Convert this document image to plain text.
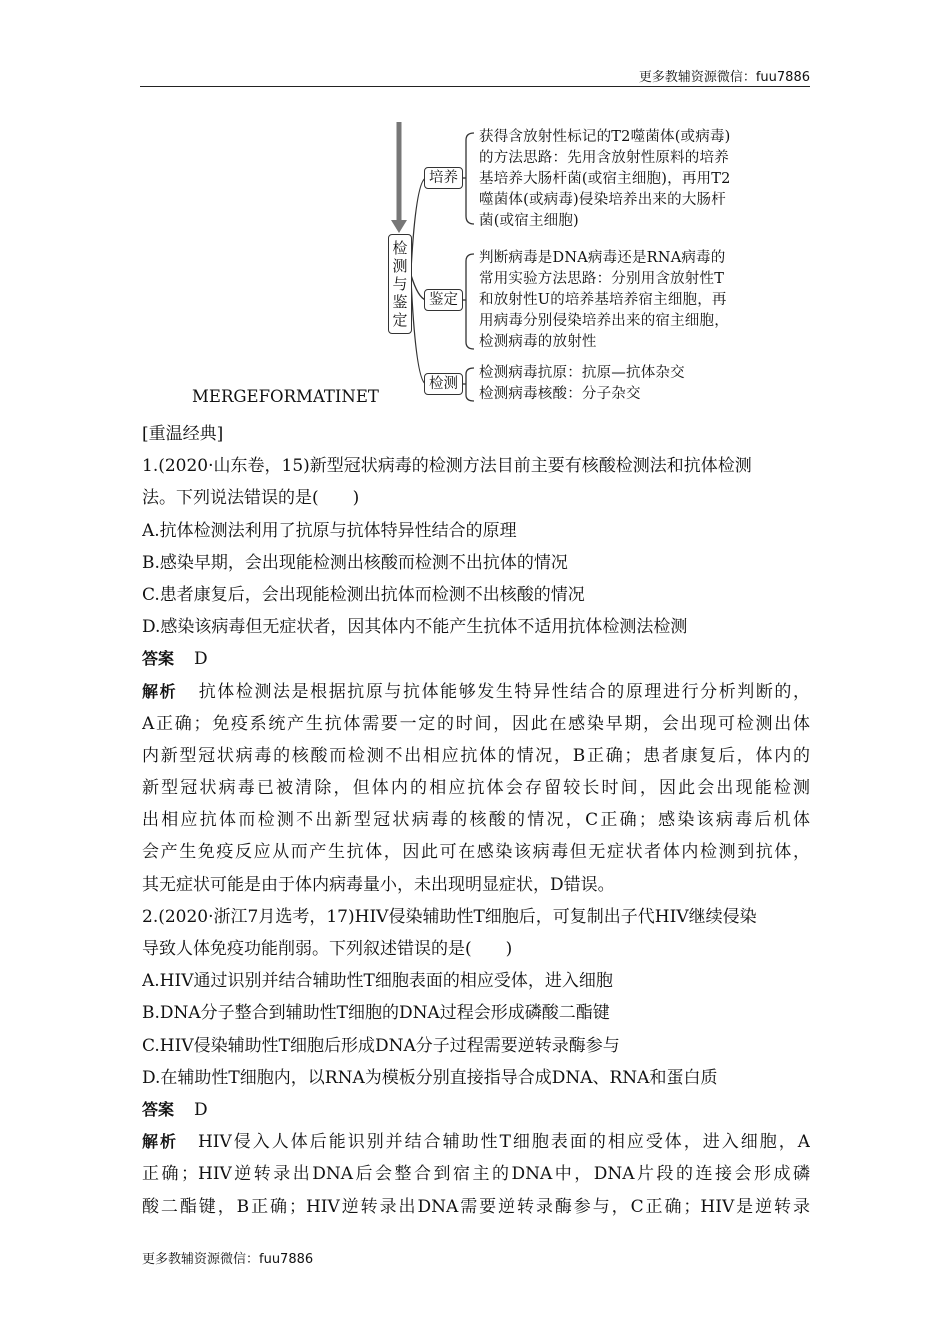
更多教辅资源微信：fuu7886
检
测
与
鉴
定
培养
鉴定
检测
获得含放射性标记的T2噬菌体(或病毒)
的方法思路：先用含放射性原料的培养
基培养大肠杆菌(或宿主细胞)，再用T2
噬菌体(或病毒)侵染培养出来的大肠杆
菌(或宿主细胞)
判断病毒是DNA病毒还是RNA病毒的
常用实验方法思路：分别用含放射性T
和放射性U的培养基培养宿主细胞，再
用病毒分别侵染培养出来的宿主细胞，
检测病毒的放射性
检测病毒抗原：抗原—抗体杂交
检测病毒核酸：分子杂交
MERGEFORMATINET
[重温经典]
1.(2020·山东卷，15)新型冠状病毒的检测方法目前主要有核酸检测法和抗体检测
法。下列说法错误的是(　　)
A.抗体检测法利用了抗原与抗体特异性结合的原理
B.感染早期，会出现能检测出核酸而检测不出抗体的情况
C.患者康复后，会出现能检测出抗体而检测不出核酸的情况
D.感染该病毒但无症状者，因其体内不能产生抗体不适用抗体检测法检测
答案 D
解析 抗体检测法是根据抗原与抗体能够发生特异性结合的原理进行分析判断的，
A正确；免疫系统产生抗体需要一定的时间，因此在感染早期，会出现可检测出体
内新型冠状病毒的核酸而检测不出相应抗体的情况，B正确；患者康复后，体内的
新型冠状病毒已被清除，但体内的相应抗体会存留较长时间，因此会出现能检测
出相应抗体而检测不出新型冠状病毒的核酸的情况，C正确；感染该病毒后机体
会产生免疫反应从而产生抗体，因此可在感染该病毒但无症状者体内检测到抗体，
其无症状可能是由于体内病毒量小，未出现明显症状，D错误。
2.(2020·浙江7月选考，17)HIV侵染辅助性T细胞后，可复制出子代HIV继续侵染
导致人体免疫功能削弱。下列叙述错误的是(　　)
A.HIV通过识别并结合辅助性T细胞表面的相应受体，进入细胞
B.DNA分子整合到辅助性T细胞的DNA过程会形成磷酸二酯键
C.HIV侵染辅助性T细胞后形成DNA分子过程需要逆转录酶参与
D.在辅助性T细胞内，以RNA为模板分别直接指导合成DNA、RNA和蛋白质
答案 D
解析 HIV侵入人体后能识别并结合辅助性T细胞表面的相应受体，进入细胞，A
正确；HIV逆转录出DNA后会整合到宿主的DNA中，DNA片段的连接会形成磷
酸二酯键，B正确；HIV逆转录出DNA需要逆转录酶参与，C正确；HIV是逆转录
更多教辅资源微信：fuu7886
